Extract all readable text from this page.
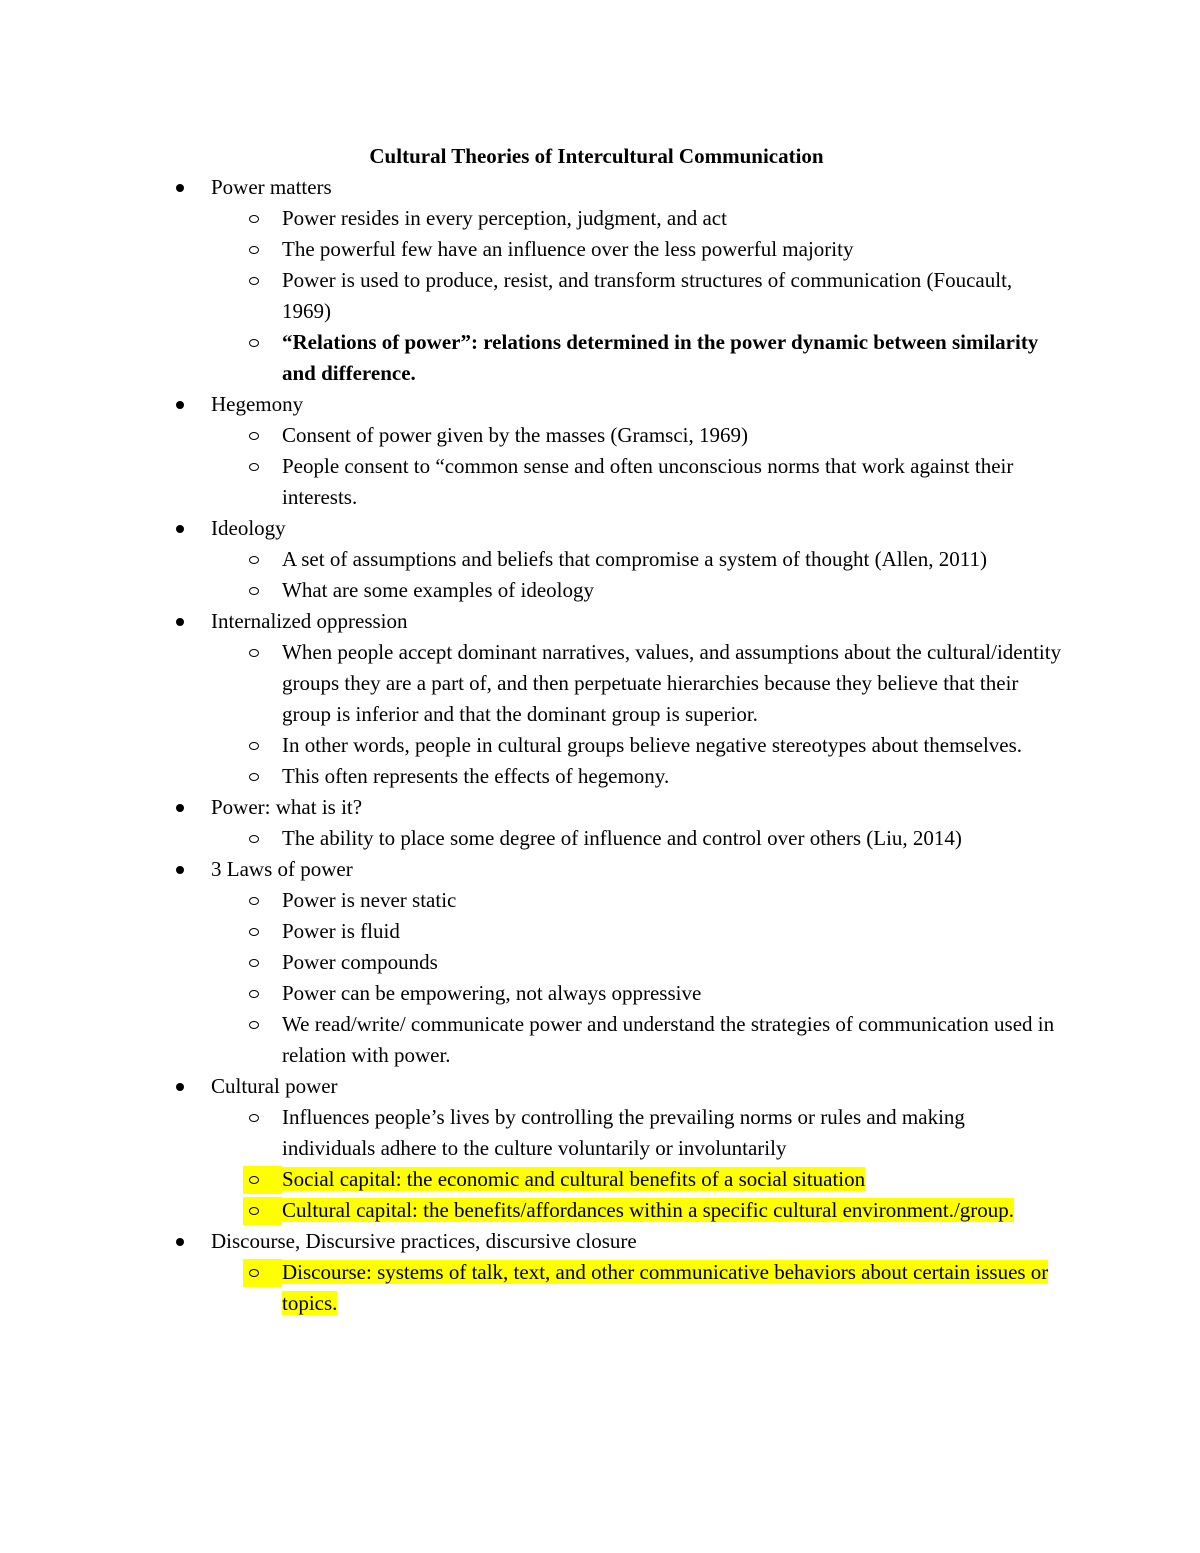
Cultural Theories of Intercultural Communication
Power matters
Power resides in every perception, judgment, and act
The powerful few have an influence over the less powerful majority
Power is used to produce, resist, and transform structures of communication (Foucault, 1969)
“Relations of power”: relations determined in the power dynamic between similarity and difference.
Hegemony
Consent of power given by the masses (Gramsci, 1969)
People consent to “common sense and often unconscious norms that work against their interests.
Ideology
A set of assumptions and beliefs that compromise a system of thought (Allen, 2011)
What are some examples of ideology
Internalized oppression
When people accept dominant narratives, values, and assumptions about the cultural/identity groups they are a part of, and then perpetuate hierarchies because they believe that their group is inferior and that the dominant group is superior.
In other words, people in cultural groups believe negative stereotypes about themselves.
This often represents the effects of hegemony.
Power: what is it?
The ability to place some degree of influence and control over others (Liu, 2014)
3 Laws of power
Power is never static
Power is fluid
Power compounds
Power can be empowering, not always oppressive
We read/write/ communicate power and understand the strategies of communication used in relation with power.
Cultural power
Influences people’s lives by controlling the prevailing norms or rules and making individuals adhere to the culture voluntarily or involuntarily
Social capital: the economic and cultural benefits of a social situation
Cultural capital: the benefits/affordances within a specific cultural environment./group.
Discourse, Discursive practices, discursive closure
Discourse: systems of talk, text, and other communicative behaviors about certain issues or topics.
